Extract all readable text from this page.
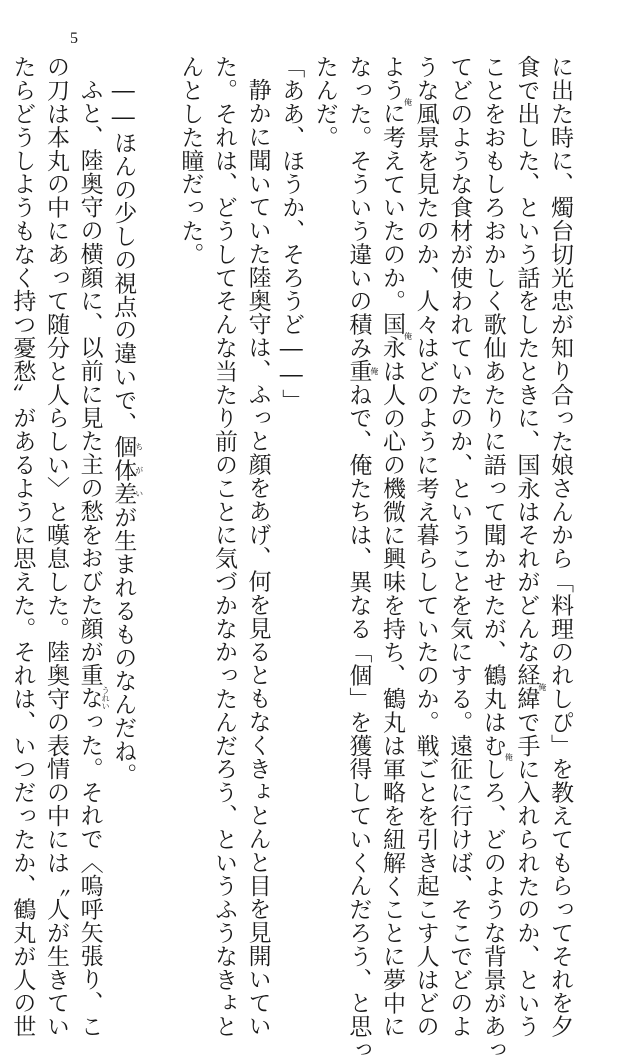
5
に出た時に、燭台切光忠が知り合った娘さんから「料理のれしぴ」を教えてもらってそれを夕
食で出した、という話をしたときに、国永はそれがどんな経緯俺で手に入れられたのか、という
ことをおもしろおかしく歌仙あたりに語って聞かせたが、鶴丸はむし俺ろ、どのような背景があっ
てどのような食材が使われていたのか、ということを気にする。遠征に行けば、そこでどのよ
うな風景を見たのか、人々はどのように考え暮らしていたのか。戦ごとを引き起こす人はどの
ように俺考えていたのか。国永俺は人の心の機微に興味を持ち、鶴丸は軍略を紐解くことに夢中に
なった。そういう違いの積み重俺ねで、俺たちは、異なる「個」を獲得していくんだろう、と思っ
たんだ。
「ああ、ほうか、そろうど――」
静かに聞いていた陸奥守は、ふっと顔をあげ、何を見るともなくきょとんと目を見開いてい
た。それは、どうしてそんな当たり前のことに気づかなかったんだろう、というふうなきょと
んとした瞳だった。
――ほんの少しの視点の違いで、個体差ちがいが生まれるものなんだね。
ふと、陸奥守の横顔に、以前に見た主の愁をおびた顔が重なうれいった。それで〈嗚呼矢張り、こ
の刀は本丸の中にあって随分と人らしい〉と嘆息した。陸奥守の表情の中には〝人が生きてい
たらどうしようもなく持つ憂愁〟があるように思えた。それは、いつだったか、鶴丸が人の世
